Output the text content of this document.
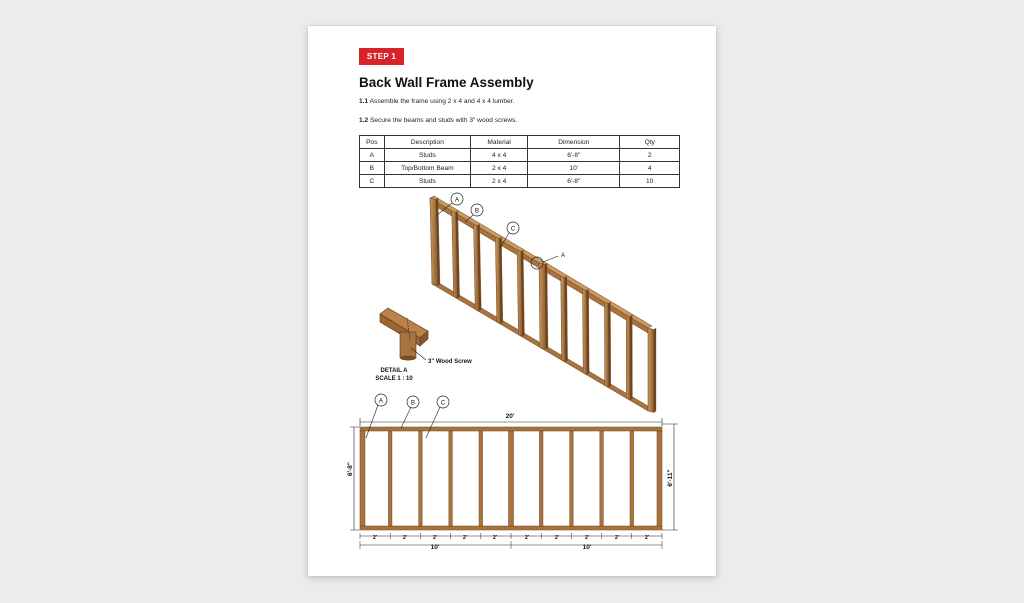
STEP 1
Back Wall Frame Assembly
1.1 Assemble the frame using 2 x 4 and 4 x 4 lumber.
1.2 Secure the beams and studs with 3" wood screws.
Pos	Description	Material	Dimension	Qty
A	Studs	4 x 4	6'-8"	2
B	Top/Bottom Beam	2 x 4	10'	4
C	Studs	2 x 4	6'-8"	10
3" Wood Screw
DETAIL A
SCALE 1 : 10
20'
6'-8"
6'-11"
10'	10'
A
B
C
A
A	B	C
2'	2'	2'	2'	2'	2'	2'	2'	2'	2'
